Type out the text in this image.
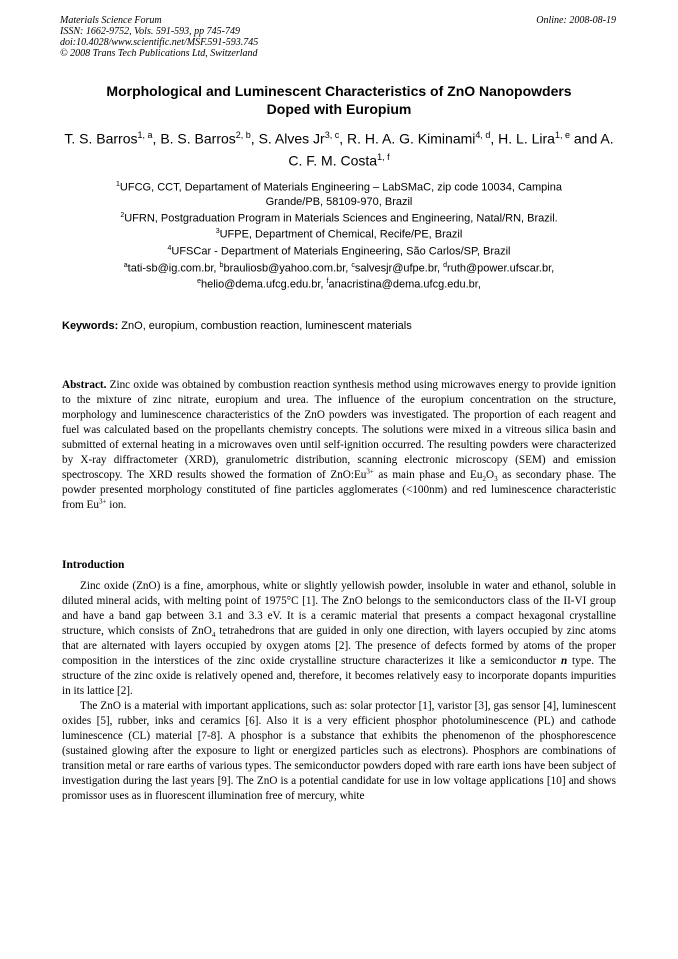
Materials Science Forum
ISSN: 1662-9752, Vols. 591-593, pp 745-749
doi:10.4028/www.scientific.net/MSF.591-593.745
© 2008 Trans Tech Publications Ltd, Switzerland
Online: 2008-08-19
Morphological and Luminescent Characteristics of ZnO Nanopowders
Doped with Europium
T. S. Barros$^{1, a}$, B. S. Barros$^{2, b}$, S. Alves Jr$^{3, c}$, R. H. A. G. Kiminami$^{4, d}$, H. L. Lira$^{1, e}$ and A. C. F. M. Costa$^{1, f}$
$^1$UFCG, CCT, Departament of Materials Engineering – LabSMaC, zip code 10034, Campina
Grande/PB, 58109-970, Brazil
$^2$UFRN, Postgraduation Program in Materials Sciences and Engineering, Natal/RN, Brazil.
$^3$UFPE, Department of Chemical, Recife/PE, Brazil
$^4$UFSCar - Department of Materials Engineering, São Carlos/SP, Brazil
$^a$tati-sb@ig.com.br, $^b$brauliosb@yahoo.com.br, $^c$salvesjr@ufpe.br, $^d$ruth@power.ufscar.br,
$^e$helio@dema.ufcg.edu.br, $^f$anacristina@dema.ufcg.edu.br,
Keywords: ZnO, europium, combustion reaction, luminescent materials
Abstract. Zinc oxide was obtained by combustion reaction synthesis method using microwaves energy to provide ignition to the mixture of zinc nitrate, europium and urea. The influence of the europium concentration on the structure, morphology and luminescence characteristics of the ZnO powders was investigated. The proportion of each reagent and fuel was calculated based on the propellants chemistry concepts. The solutions were mixed in a vitreous silica basin and submitted of external heating in a microwaves oven until self-ignition occurred. The resulting powders were characterized by X-ray diffractometer (XRD), granulometric distribution, scanning electronic microscopy (SEM) and emission spectroscopy. The XRD results showed the formation of $ZnO:Eu^{3+}$ as main phase and $Eu_2O_3$ as secondary phase. The powder presented morphology constituted of fine particles agglomerates (<100nm) and red luminescence characteristic from $Eu^{3+}$ ion.
Introduction

Zinc oxide (ZnO) is a fine, amorphous, white or slightly yellowish powder, insoluble in water and ethanol, soluble in diluted mineral acids, with melting point of 1975°C [1]. The ZnO belongs to the semiconductors class of the II-VI group and have a band gap between 3.1 and 3.3 eV. It is a ceramic material that presents a compact hexagonal crystalline structure, which consists of ZnO$_4$ tetrahedrons that are guided in only one direction, with layers occupied by zinc atoms that are alternated with layers occupied by oxygen atoms [2]. The presence of defects formed by atoms of the proper composition in the interstices of the zinc oxide crystalline structure characterizes it like a semiconductor n type. The structure of the zinc oxide is relatively opened and, therefore, it becomes relatively easy to incorporate dopants impurities in its lattice [2].

The ZnO is a material with important applications, such as: solar protector [1], varistor [3], gas sensor [4], luminescent oxides [5], rubber, inks and ceramics [6]. Also it is a very efficient phosphor photoluminescence (PL) and cathode luminescence (CL) material [7-8]. A phosphor is a substance that exhibits the phenomenon of the phosphorescence (sustained glowing after the exposure to light or energized particles such as electrons). Phosphors are combinations of transition metal or rare earths of various types. The semiconductor powders doped with rare earth ions have been subject of investigation during the last years [9]. The ZnO is a potential candidate for use in low voltage applications [10] and shows promissor uses as in fluorescent illumination free of mercury, white
